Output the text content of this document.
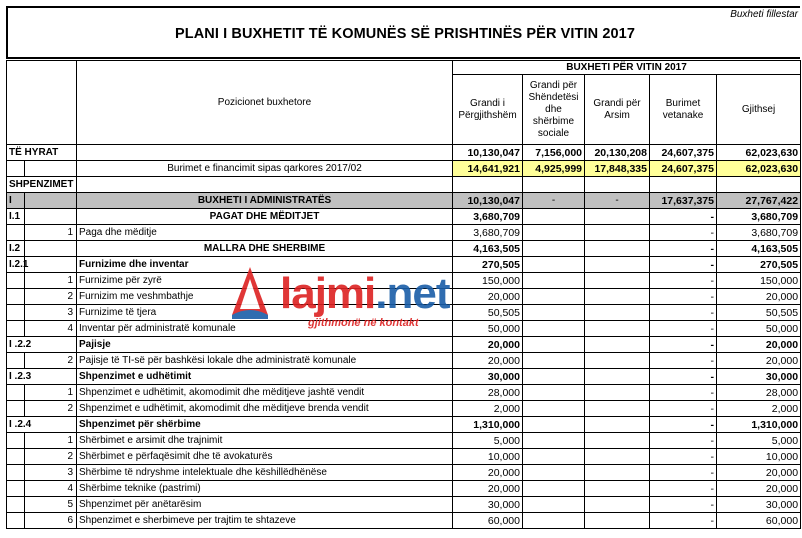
PLANI I BUXHETIT TË KOMUNËS SË PRISHTINËS PËR VITIN 2017
Buxheti fillestar
		Pozicionet buxhetore	BUXHETI PËR VITIN 2017				
			Grandi i Përgjithshëm	Grandi për Shëndetësi dhe shërbime sociale	Grandi për Arsim	Burimet vetanake	Gjithsej
TË HYRAT			10,130,047	7,156,000	20,130,208	24,607,375	62,023,630
		Burimet e financimit sipas qarkores 2017/02	14,641,921	4,925,999	17,848,335	24,607,375	62,023,630
SHPENZIMET							
I		BUXHETI I ADMINISTRATËS	10,130,047	-	-	17,637,375	27,767,422
I.1		PAGAT DHE MËDITJET	3,680,709			-	3,680,709
	1	Paga dhe mëditje	3,680,709			-	3,680,709
I.2		MALLRA DHE SHERBIME	4,163,505			-	4,163,505
I.2.1		Furnizime dhe inventar	270,505			-	270,505
	1	Furnizime për zyrë	150,000			-	150,000
	2	Furnizim me veshmbathje	20,000			-	20,000
	3	Furnizime të tjera	50,505			-	50,505
	4	Inventar për administratë komunale	50,000			-	50,000
I .2.2		Pajisje	20,000			-	20,000
	2	Pajisje të TI-së për bashkësi lokale dhe administratë komunale	20,000			-	20,000
I .2.3		Shpenzimet e udhëtimit	30,000			-	30,000
	1	Shpenzimet e udhëtimit, akomodimit dhe mëditjeve jashtë vendit	28,000			-	28,000
	2	Shpenzimet e udhëtimit, akomodimit dhe mëditjeve brenda vendit	2,000			-	2,000
I .2.4		Shpenzimet për shërbime	1,310,000			-	1,310,000
	1	Shërbimet e arsimit dhe trajnimit	5,000			-	5,000
	2	Shërbimet e përfaqësimit dhe të avokaturës	10,000			-	10,000
	3	Shërbime të ndryshme intelektuale dhe këshillëdhënëse	20,000			-	20,000
	4	Shërbime teknike (pastrimi)	20,000			-	20,000
	5	Shpenzimet për anëtarësim	30,000			-	30,000
	6	Shpenzimet e sherbimeve per trajtim te shtazeve	60,000			-	60,000
lajmi.net
gjithmonë në kontakt
